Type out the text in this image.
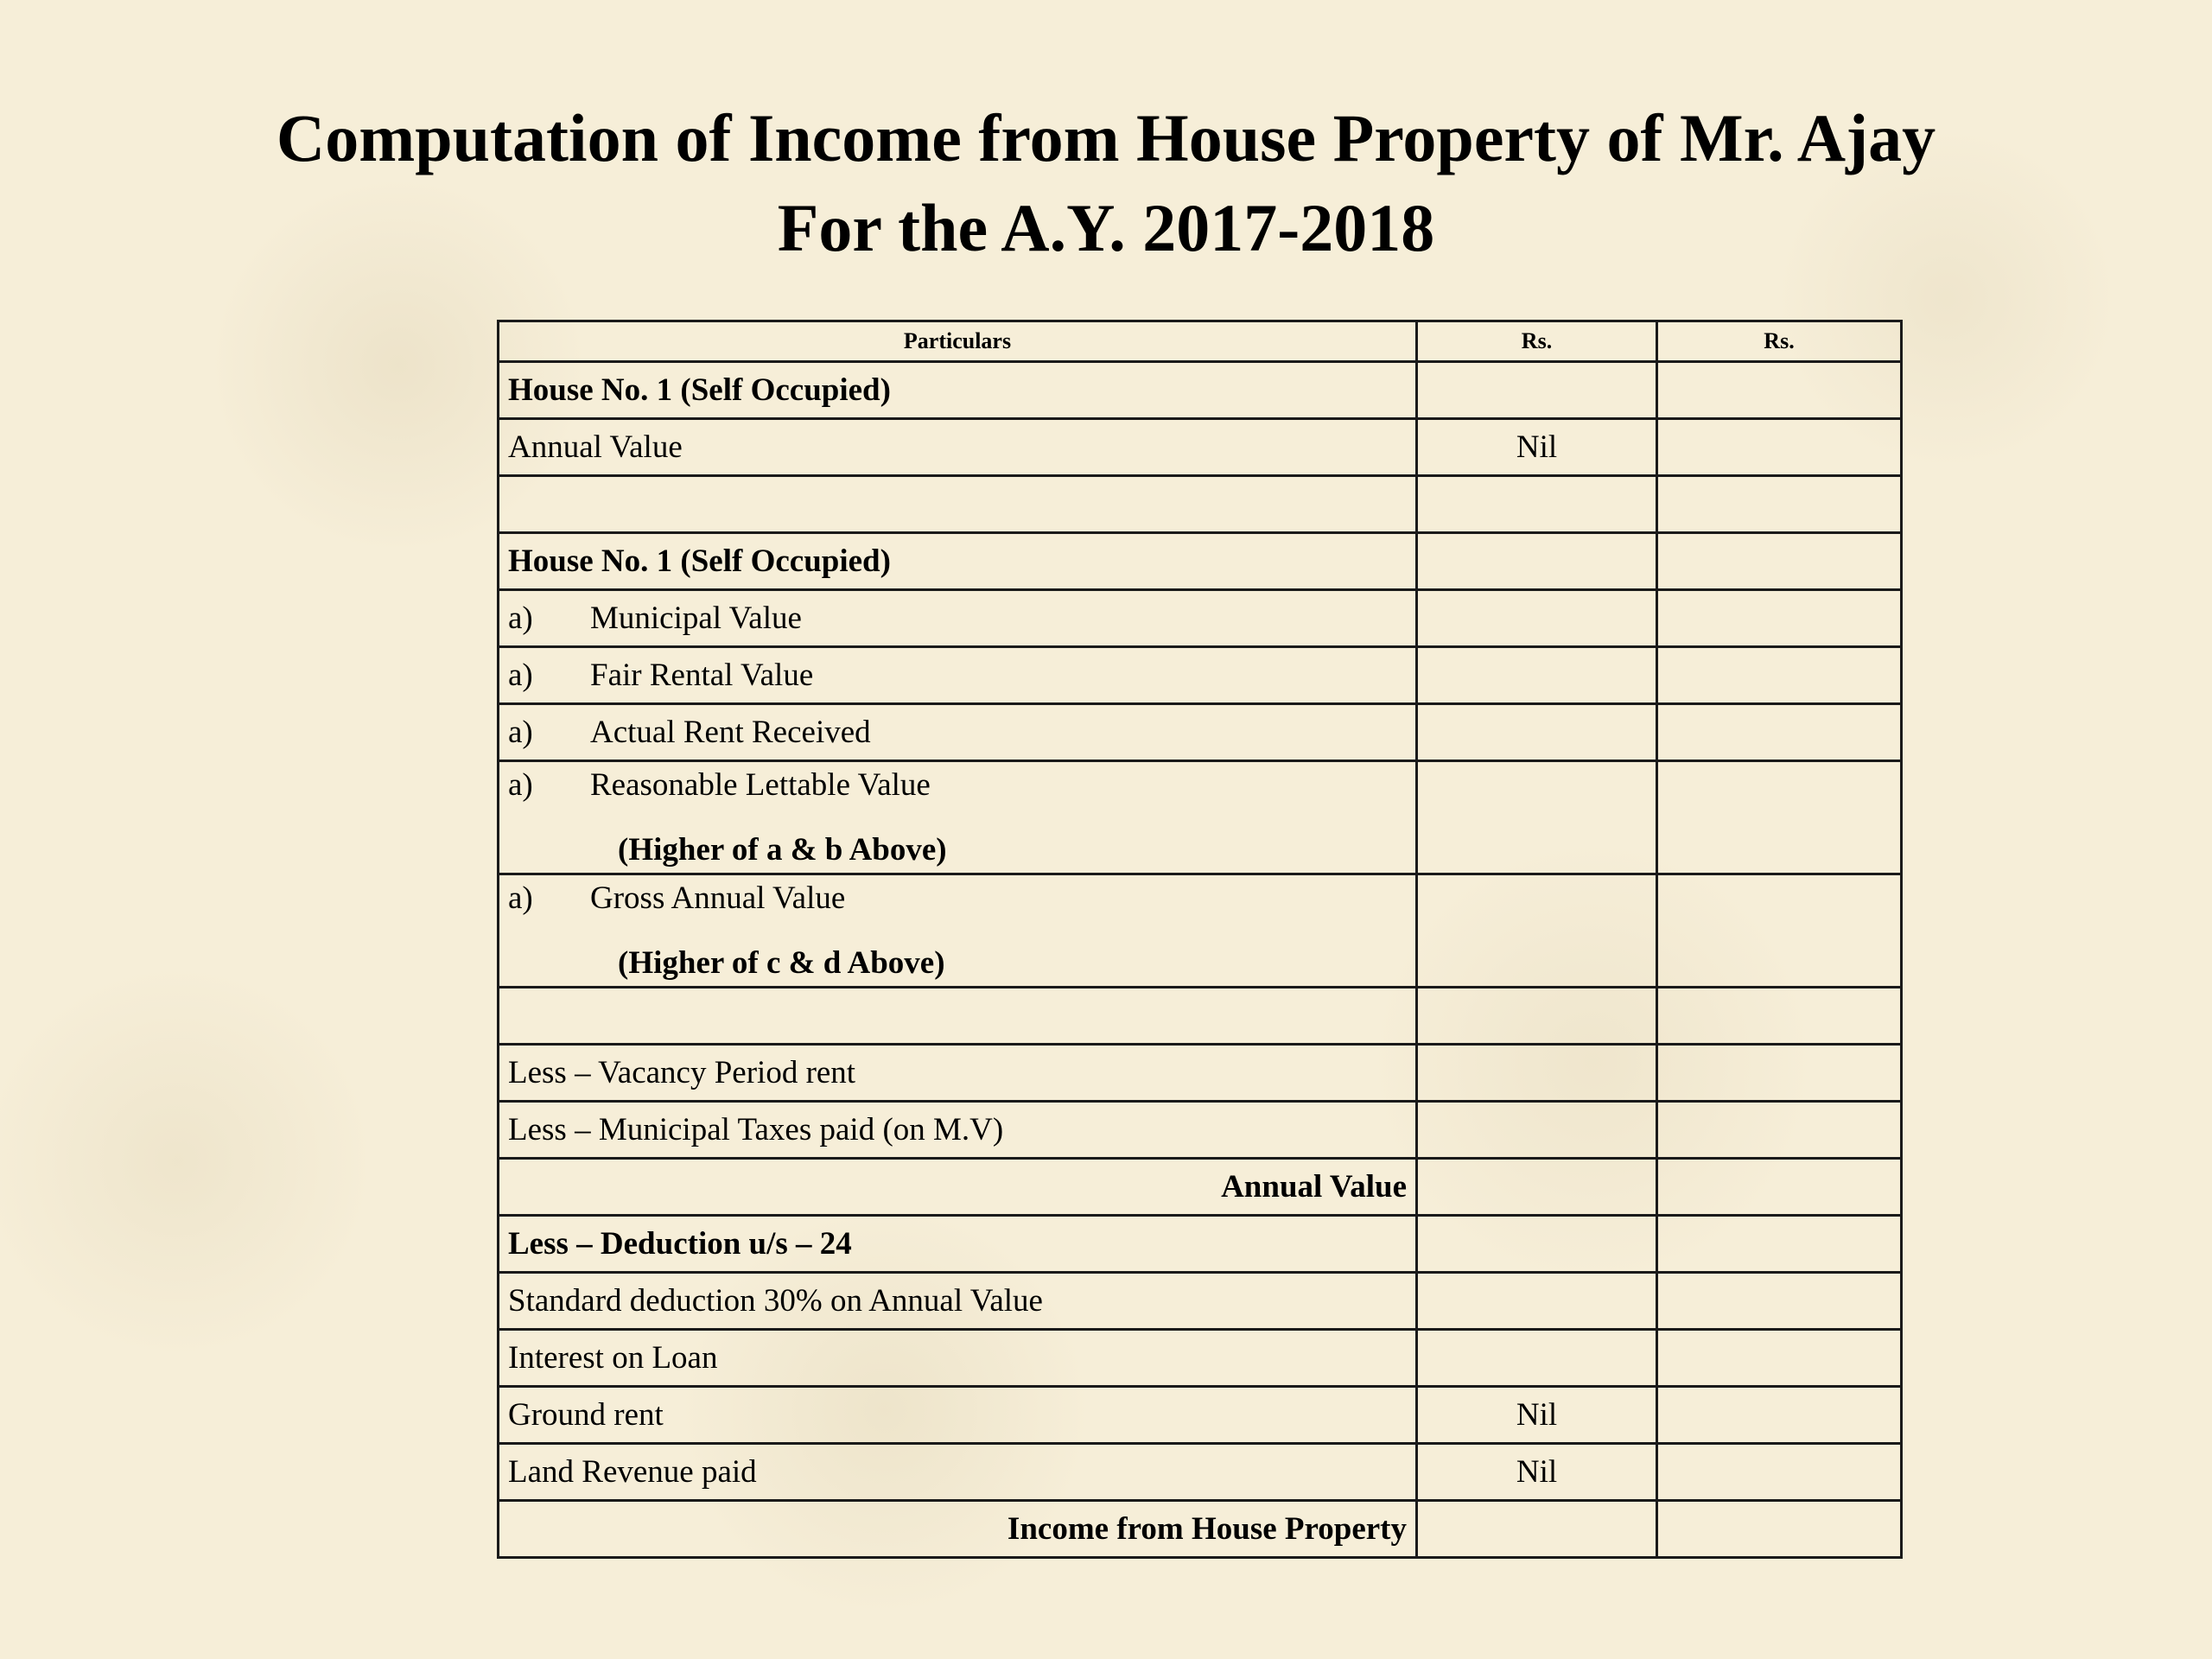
Computation of Income from House Property of Mr. Ajay

For the A.Y. 2017-2018

Particulars	Rs.	Rs.
House No. 1 (Self Occupied)		
Annual Value	Nil	

House No. 1 (Self Occupied)		

a) Municipal Value		

a) Fair Rental Value		

a) Actual Rent Received		

a) Reasonable Lettable Value
(Higher of a & b Above)		

a) Gross Annual Value
(Higher of c & d Above)		

Less – Vacancy Period rent		
Less – Municipal Taxes paid (on M.V)		
Annual Value		
Less – Deduction u/s – 24		
Standard deduction 30% on Annual Value		
Interest on Loan		
Ground rent	Nil	
Land Revenue paid	Nil	
Income from House Property		
